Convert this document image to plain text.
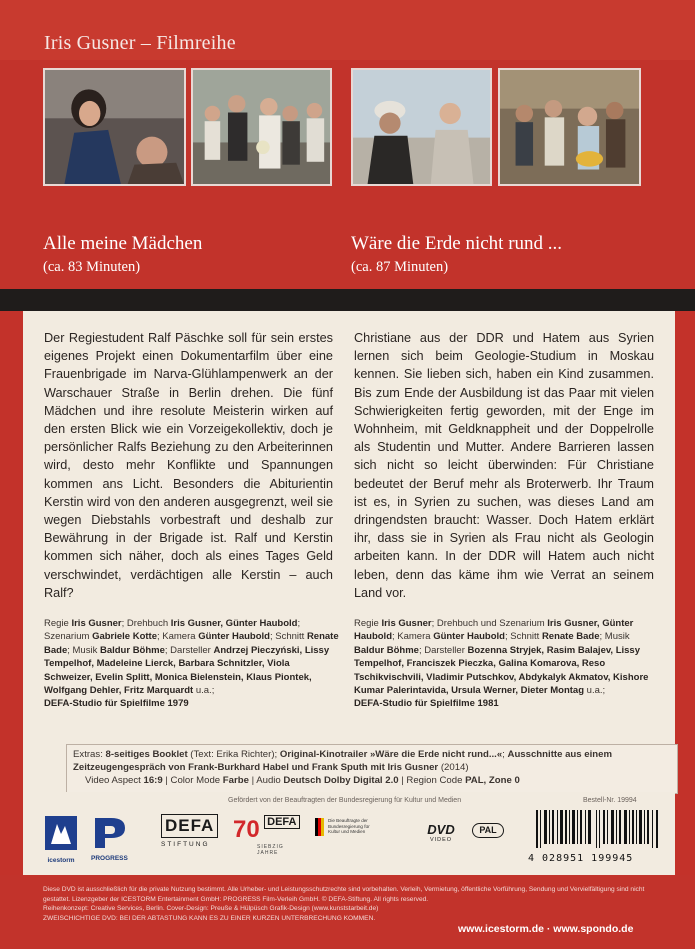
Iris Gusner – Filmreihe
Alle meine Mädchen
(ca. 83 Minuten)
Wäre die Erde nicht rund ...
(ca. 87 Minuten)

Der Regiestudent Ralf Päschke soll für sein erstes eigenes Projekt einen Dokumentarfilm über eine Frauenbrigade im Narva-Glühlampenwerk an der Warschauer Straße in Berlin drehen. Die fünf Mädchen und ihre resolute Meisterin wirken auf den ersten Blick wie ein Vorzeigekollektiv, doch je persönlicher Ralfs Beziehung zu den Arbeiterinnen wird, desto mehr Konflikte und Spannungen kommen ans Licht. Besonders die Abiturientin Kerstin wird von den anderen ausgegrenzt, weil sie wegen Diebstahls vorbestraft und deshalb zur Bewährung in der Brigade ist. Ralf und Kerstin kommen sich näher, doch als eines Tages Geld verschwindet, verdächtigen alle Kerstin – auch Ralf?

Christiane aus der DDR und Hatem aus Syrien lernen sich beim Geologie-Studium in Moskau kennen. Sie lieben sich, haben ein Kind zusammen. Bis zum Ende der Ausbildung ist das Paar mit vielen Schwierigkeiten fertig geworden, mit der Enge im Wohnheim, mit Geldknappheit und der Doppelrolle als Studentin und Mutter. Andere Barrieren lassen sich nicht so leicht überwinden: Für Christiane bedeutet der Beruf mehr als Broterwerb. Ihr Traum ist es, in Syrien zu suchen, was dieses Land am dringendsten braucht: Wasser. Doch Hatem erklärt ihr, dass sie in Syrien als Frau nicht als Geologin arbeiten kann. In der DDR will Hatem auch nicht leben, denn das käme ihm wie Verrat an seinem Land vor.

Regie Iris Gusner; Drehbuch Iris Gusner, Günter Haubold; Szenarium Gabriele Kotte; Kamera Günter Haubold; Schnitt Renate Bade; Musik Baldur Böhme; Darsteller Andrzej Pieczyński, Lissy Tempelhof, Madeleine Lierck, Barbara Schnitzler, Viola Schweizer, Evelin Splitt, Monica Bielenstein, Klaus Piontek, Wolfgang Dehler, Fritz Marquardt u.a.;
DEFA-Studio für Spielfilme 1979
Regie Iris Gusner; Drehbuch und Szenarium Iris Gusner, Günter Haubold; Kamera Günter Haubold; Schnitt Renate Bade; Musik Baldur Böhme; Darsteller Bozenna Stryjek, Rasim Balajev, Lissy Tempelhof, Franciszek Pieczka, Galina Komarova, Reso Tschikvischvili, Vladimir Putschkov, Abdykalyk Akmatov, Kishore Kumar Palerintavida, Ursula Werner, Dieter Montag u.a.;
DEFA-Studio für Spielfilme 1981
Extras: 8-seitiges Booklet (Text: Erika Richter); Original-Kinotrailer »Wäre die Erde nicht rund...«; Ausschnitte aus einem Zeitzeugengespräch von Frank-Burkhard Habel und Frank Sputh mit Iris Gusner (2014)
Video Aspect 16:9 | Color Mode Farbe | Audio Deutsch Dolby Digital 2.0 | Region Code PAL, Zone 0
Gefördert von der Beauftragten der Bundesregierung für Kultur und Medien	Bestell-Nr. 19994
icestorm	PROGRESS
DEFA
STIFTUNG
70 $^{DEFA}$
SIEBZIG JAHRE
Die Beauftragte der Bundesregierung für Kultur und Medien	DVD
VIDEO
PAL
4 028951 199945
Diese DVD ist ausschließlich für die private Nutzung bestimmt. Alle Urheber- und Leistungsschutzrechte sind vorbehalten. Verleih, Vermietung, öffentliche Vorführung, Sendung und Vervielfältigung sind nicht gestattet. Lizenzgeber der ICESTORM Entertainment GmbH: PROGRESS Film-Verleih GmbH. © DEFA-Stiftung. All rights reserved.
Reihenkonzept: Creative Services, Berlin. Cover-Design: Preuße & Hülpüsch Grafik-Design (www.kunststarbeit.de)
ZWEISCHICHTIGE DVD: BEI DER ABTASTUNG KANN ES ZU EINER KURZEN UNTERBRECHUNG KOMMEN.
www.icestorm.de · www.spondo.de
